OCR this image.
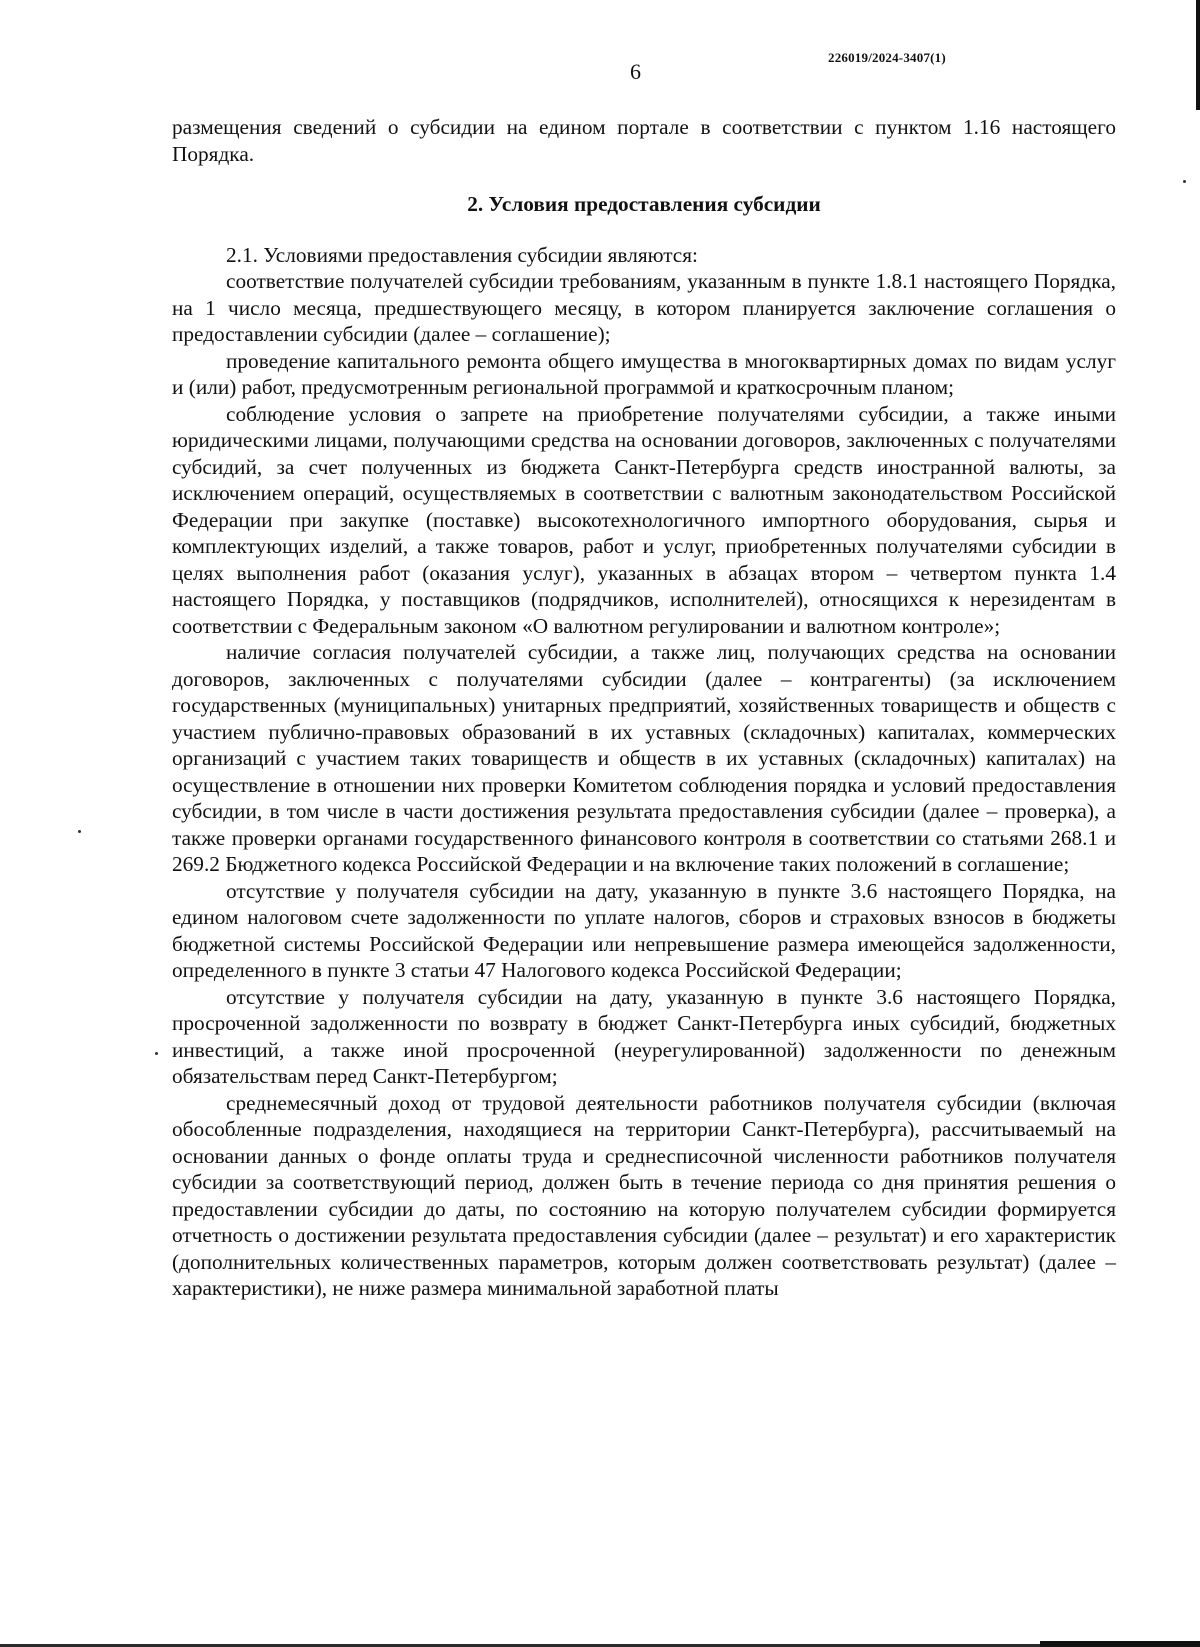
6
226019/2024-3407(1)

размещения сведений о субсидии на едином портале в соответствии с пунктом 1.16 настоящего Порядка.

2. Условия предоставления субсидии

2.1. Условиями предоставления субсидии являются:

соответствие получателей субсидии требованиям, указанным в пункте 1.8.1 настоящего Порядка, на 1 число месяца, предшествующего месяцу, в котором планируется заключение соглашения о предоставлении субсидии (далее – соглашение);

проведение капитального ремонта общего имущества в многоквартирных домах по видам услуг и (или) работ, предусмотренным региональной программой и краткосрочным планом;

соблюдение условия о запрете на приобретение получателями субсидии, а также иными юридическими лицами, получающими средства на основании договоров, заключенных с получателями субсидий, за счет полученных из бюджета Санкт-Петербурга средств иностранной валюты, за исключением операций, осуществляемых в соответствии с валютным законодательством Российской Федерации при закупке (поставке) высокотехнологичного импортного оборудования, сырья и комплектующих изделий, а также товаров, работ и услуг, приобретенных получателями субсидии в целях выполнения работ (оказания услуг), указанных в абзацах втором – четвертом пункта 1.4 настоящего Порядка, у поставщиков (подрядчиков, исполнителей), относящихся к нерезидентам в соответствии с Федеральным законом «О валютном регулировании и валютном контроле»;

наличие согласия получателей субсидии, а также лиц, получающих средства на основании договоров, заключенных с получателями субсидии (далее – контрагенты) (за исключением государственных (муниципальных) унитарных предприятий, хозяйственных товариществ и обществ с участием публично-правовых образований в их уставных (складочных) капиталах, коммерческих организаций с участием таких товариществ и обществ в их уставных (складочных) капиталах) на осуществление в отношении них проверки Комитетом соблюдения порядка и условий предоставления субсидии, в том числе в части достижения результата предоставления субсидии (далее – проверка), а также проверки органами государственного финансового контроля в соответствии со статьями 268.1 и 269.2 Бюджетного кодекса Российской Федерации и на включение таких положений в соглашение;

отсутствие у получателя субсидии на дату, указанную в пункте 3.6 настоящего Порядка, на едином налоговом счете задолженности по уплате налогов, сборов и страховых взносов в бюджеты бюджетной системы Российской Федерации или непревышение размера имеющейся задолженности, определенного в пункте 3 статьи 47 Налогового кодекса Российской Федерации;

отсутствие у получателя субсидии на дату, указанную в пункте 3.6 настоящего Порядка, просроченной задолженности по возврату в бюджет Санкт-Петербурга иных субсидий, бюджетных инвестиций, а также иной просроченной (неурегулированной) задолженности по денежным обязательствам перед Санкт-Петербургом;

среднемесячный доход от трудовой деятельности работников получателя субсидии (включая обособленные подразделения, находящиеся на территории Санкт-Петербурга), рассчитываемый на основании данных о фонде оплаты труда и среднесписочной численности работников получателя субсидии за соответствующий период, должен быть в течение периода со дня принятия решения о предоставлении субсидии до даты, по состоянию на которую получателем субсидии формируется отчетность о достижении результата предоставления субсидии (далее – результат) и его характеристик (дополнительных количественных параметров, которым должен соответствовать результат) (далее – характеристики), не ниже размера минимальной заработной платы
